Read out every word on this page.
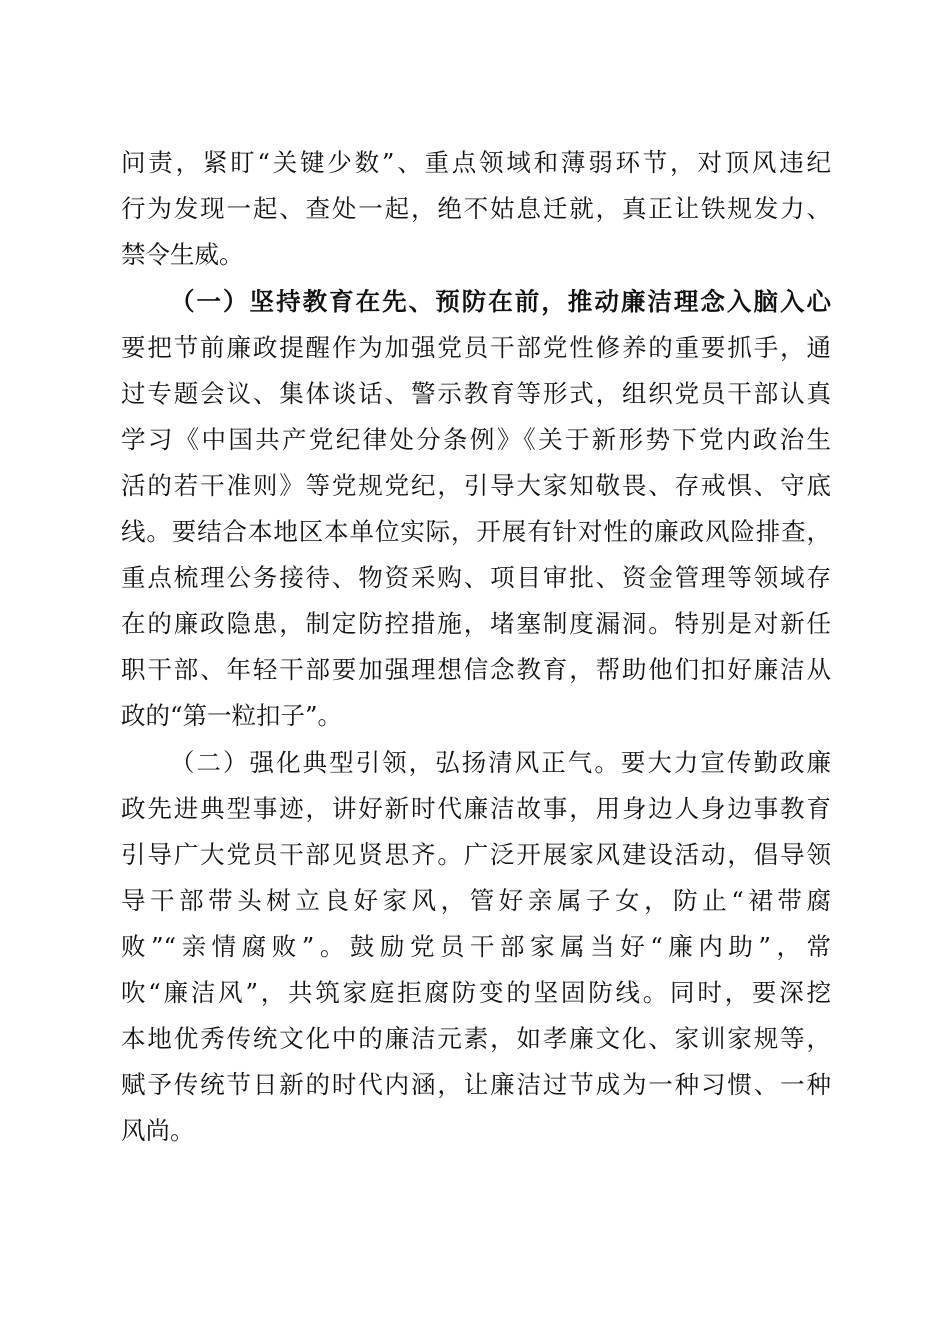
问责，紧盯“关键少数”、重点领域和薄弱环节，对顶风违纪
行为发现一起、查处一起，绝不姑息迁就，真正让铁规发力、
禁令生威。
（一）坚持教育在先、预防在前，推动廉洁理念入脑入心
要把节前廉政提醒作为加强党员干部党性修养的重要抓手，通
过专题会议、集体谈话、警示教育等形式，组织党员干部认真
学习《中国共产党纪律处分条例》《关于新形势下党内政治生
活的若干准则》等党规党纪，引导大家知敬畏、存戒惧、守底
线。要结合本地区本单位实际，开展有针对性的廉政风险排查，
重点梳理公务接待、物资采购、项目审批、资金管理等领域存
在的廉政隐患，制定防控措施，堵塞制度漏洞。特别是对新任
职干部、年轻干部要加强理想信念教育，帮助他们扣好廉洁从
政的“第一粒扣子”。
（二）强化典型引领，弘扬清风正气。要大力宣传勤政廉
政先进典型事迹，讲好新时代廉洁故事，用身边人身边事教育
引导广大党员干部见贤思齐。广泛开展家风建设活动，倡导领
导干部带头树立良好家风，管好亲属子女，防止“裙带腐
败”“亲情腐败”。鼓励党员干部家属当好“廉内助”，常
吹“廉洁风”，共筑家庭拒腐防变的坚固防线。同时，要深挖
本地优秀传统文化中的廉洁元素，如孝廉文化、家训家规等，
赋予传统节日新的时代内涵，让廉洁过节成为一种习惯、一种
风尚。
